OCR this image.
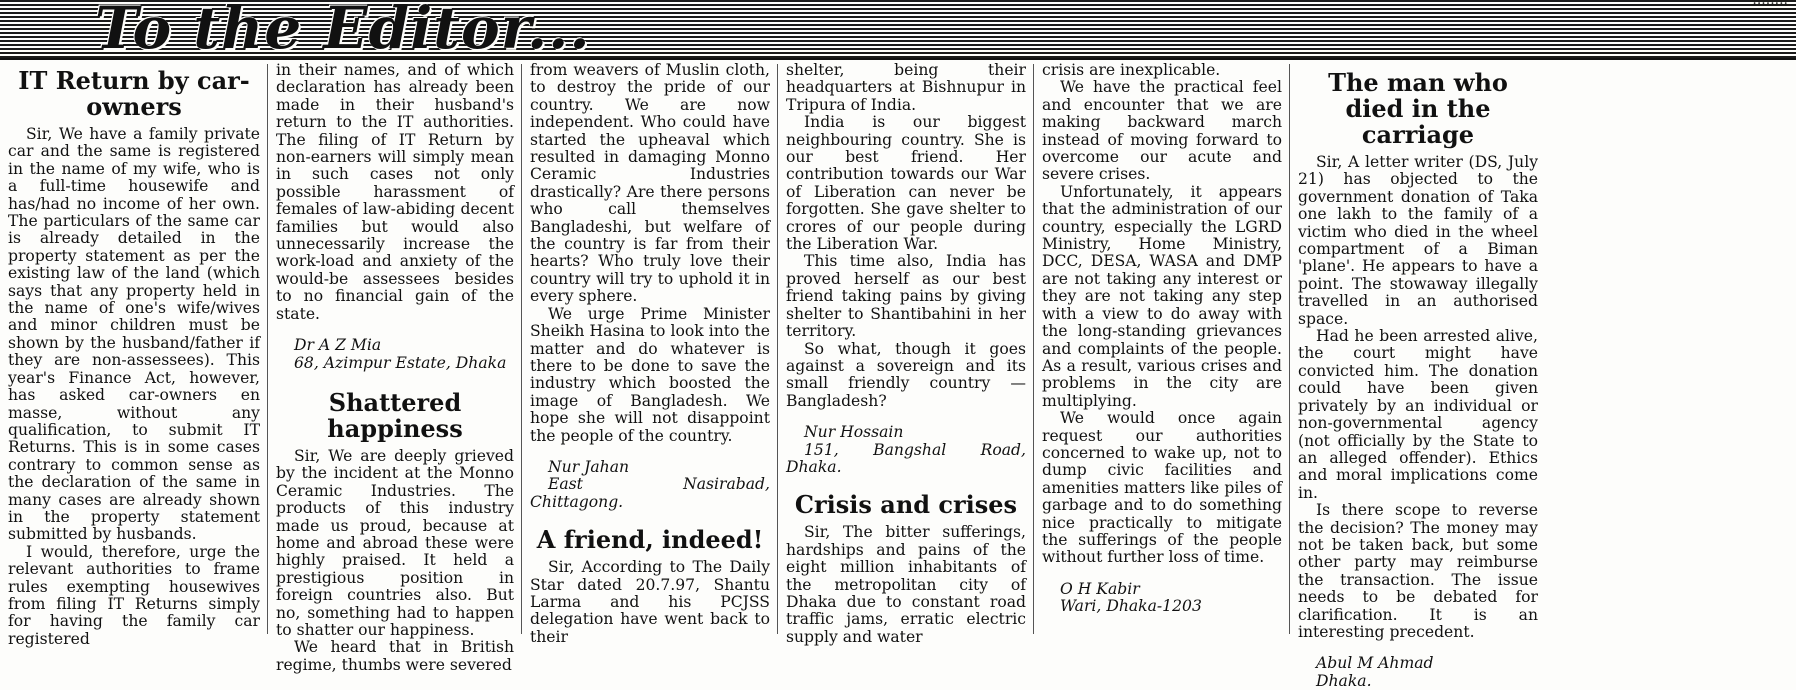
To the Editor...	........
IT Return by car-owners

Sir, We have a family private car and the same is registered in the name of my wife, who is a full-time housewife and has/had no income of her own. The particulars of the same car is already detailed in the property statement as per the existing law of the land (which says that any property held in the name of one's wife/wives and minor children must be shown by the husband/father if they are non-assessees). This year's Finance Act, however, has asked car-owners en masse, without any qualification, to submit IT Returns. This is in some cases contrary to common sense as the declaration of the same in many cases are already shown in the property statement submitted by husbands.

I would, therefore, urge the relevant authorities to frame rules exempting housewives from filing IT Returns simply for having the family car registered

in their names, and of which declaration has already been made in their husband's return to the IT authorities. The filing of IT Return by non-earners will simply mean in such cases not only possible harassment of females of law-abiding decent families but would also unnecessarily increase the work-load and anxiety of the would-be assessees besides to no financial gain of the state.

Dr A Z Mia

68, Azimpur Estate, Dhaka

Shattered happiness

Sir, We are deeply grieved by the incident at the Monno Ceramic Industries. The products of this industry made us proud, because at home and abroad these were highly praised. It held a prestigious position in foreign countries also. But no, something had to happen to shatter our happiness.

We heard that in British regime, thumbs were severed

from weavers of Muslin cloth, to destroy the pride of our country. We are now independent. Who could have started the upheaval which resulted in damaging Monno Ceramic Industries drastically? Are there persons who call themselves Bangladeshi, but welfare of the country is far from their hearts? Who truly love their country will try to uphold it in every sphere.

We urge Prime Minister Sheikh Hasina to look into the matter and do whatever is there to be done to save the industry which boosted the image of Bangladesh. We hope she will not disappoint the people of the country.

Nur Jahan

East Nasirabad, Chittagong.

A friend, indeed!

Sir, According to The Daily Star dated 20.7.97, Shantu Larma and his PCJSS delegation have went back to their

shelter, being their headquarters at Bishnupur in Tripura of India.

India is our biggest neighbouring country. She is our best friend. Her contribution towards our War of Liberation can never be forgotten. She gave shelter to crores of our people during the Liberation War.

This time also, India has proved herself as our best friend taking pains by giving shelter to Shantibahini in her territory.

So what, though it goes against a sovereign and its small friendly country — Bangladesh?

Nur Hossain

151, Bangshal Road, Dhaka.

Crisis and crises

Sir, The bitter sufferings, hardships and pains of the eight million inhabitants of the metropolitan city of Dhaka due to constant road traffic jams, erratic electric supply and water

crisis are inexplicable.

We have the practical feel and encounter that we are making backward march instead of moving forward to overcome our acute and severe crises.

Unfortunately, it appears that the administration of our country, especially the LGRD Ministry, Home Ministry, DCC, DESA, WASA and DMP are not taking any interest or they are not taking any step with a view to do away with the long-standing grievances and complaints of the people. As a result, various crises and problems in the city are multiplying.

We would once again request our authorities concerned to wake up, not to dump civic facilities and amenities matters like piles of garbage and to do something nice practically to mitigate the sufferings of the people without further loss of time.

O H Kabir

Wari, Dhaka-1203

The man who died in the carriage

Sir, A letter writer (DS, July 21) has objected to the government donation of Taka one lakh to the family of a victim who died in the wheel compartment of a Biman 'plane'. He appears to have a point. The stowaway illegally travelled in an authorised space.

Had he been arrested alive, the court might have convicted him. The donation could have been given privately by an individual or non-governmental agency (not officially by the State to an alleged offender). Ethics and moral implications come in.

Is there scope to reverse the decision? The money may not be taken back, but some other party may reimburse the transaction. The issue needs to be debated for clarification. It is an interesting precedent.

Abul M Ahmad

Dhaka.
